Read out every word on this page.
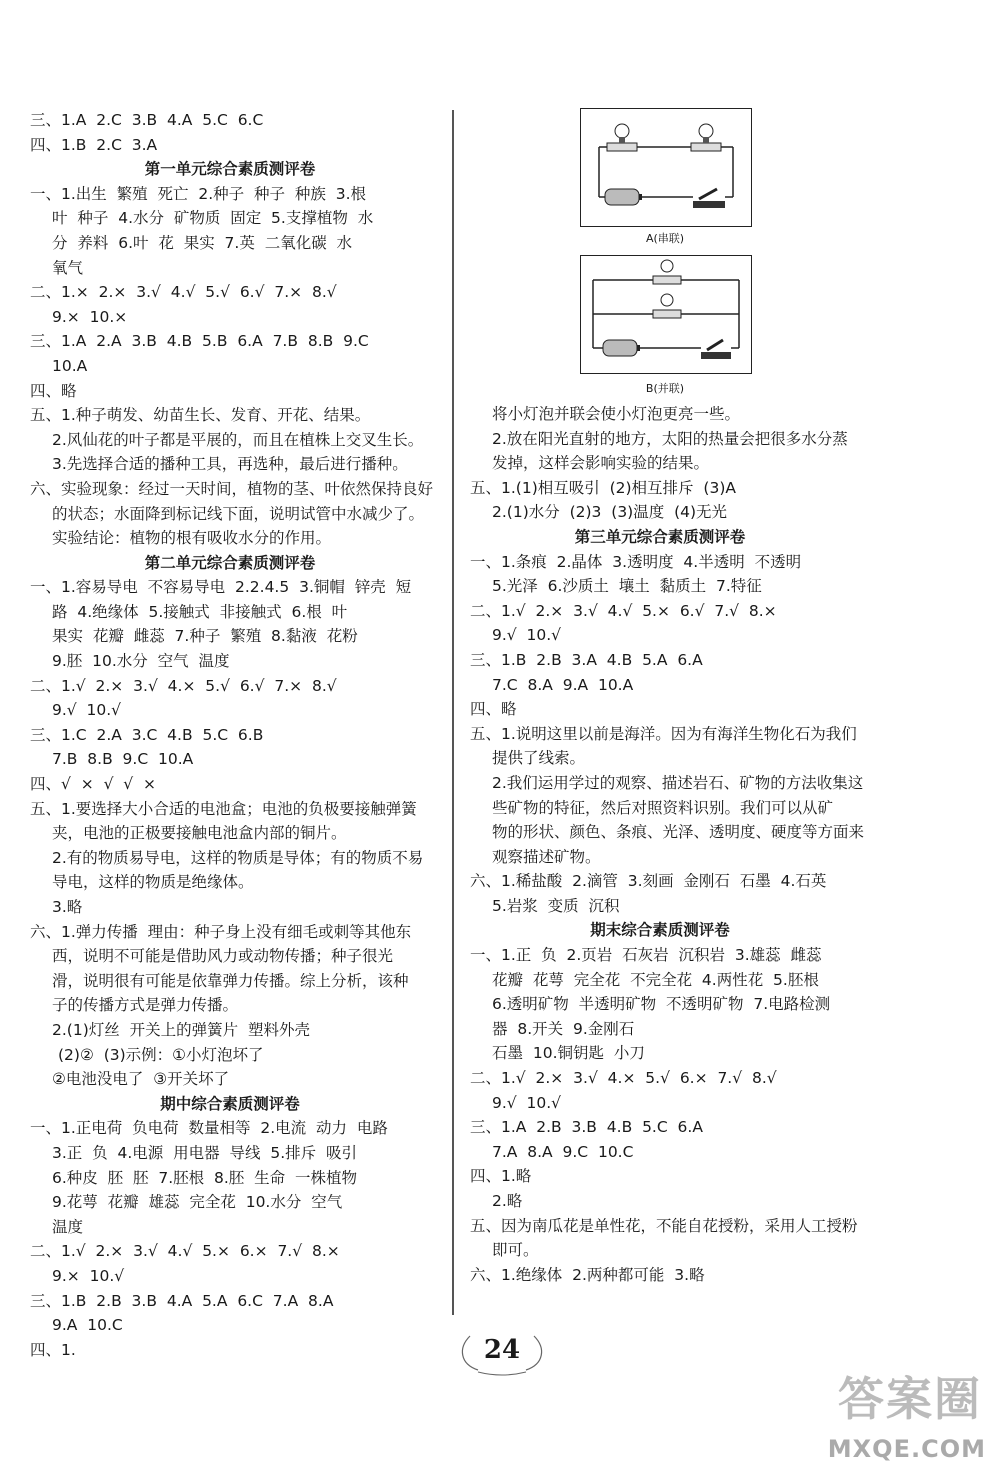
三、1.A  2.C  3.B  4.A  5.C  6.C
四、1.B  2.C  3.A
第一单元综合素质测评卷
一、1.出生  繁殖  死亡  2.种子  种子  种族  3.根
叶  种子  4.水分  矿物质  固定  5.支撑植物  水
分  养料  6.叶  花  果实  7.英  二氧化碳  水
氧气
二、1.×  2.×  3.√  4.√  5.√  6.√  7.×  8.√
9.×  10.×
三、1.A  2.A  3.B  4.B  5.B  6.A  7.B  8.B  9.C
10.A
四、略
五、1.种子萌发、幼苗生长、发育、开花、结果。
2.风仙花的叶子都是平展的，而且在植株上交叉生长。
3.先选择合适的播种工具，再选种，最后进行播种。
六、实验现象：经过一天时间，植物的茎、叶依然保持良好
的状态；水面降到标记线下面，说明试管中水减少了。
实验结论：植物的根有吸收水分的作用。
第二单元综合素质测评卷
一、1.容易导电  不容易导电  2.2.4.5  3.铜帽  锌壳  短
路  4.绝缘体  5.接触式  非接触式  6.根  叶
果实  花瓣  雌蕊  7.种子  繁殖  8.黏液  花粉
9.胚  10.水分  空气  温度
二、1.√  2.×  3.√  4.×  5.√  6.√  7.×  8.√
9.√  10.√
三、1.C  2.A  3.C  4.B  5.C  6.B
7.B  8.B  9.C  10.A
四、√  ×  √  √  ×
五、1.要选择大小合适的电池盒；电池的负极要接触弹簧
夹，电池的正极要接触电池盒内部的铜片。
2.有的物质易导电，这样的物质是导体；有的物质不易
导电，这样的物质是绝缘体。
3.略
六、1.弹力传播  理由：种子身上没有细毛或刺等其他东
西，说明不可能是借助风力或动物传播；种子很光
滑，说明很有可能是依靠弹力传播。综上分析，该种
子的传播方式是弹力传播。
2.(1)灯丝  开关上的弹簧片  塑料外壳
(2)②  (3)示例：①小灯泡坏了
②电池没电了  ③开关坏了
期中综合素质测评卷
一、1.正电荷  负电荷  数量相等  2.电流  动力  电路
3.正  负  4.电源  用电器  导线  5.排斥  吸引
6.种皮  胚  胚  7.胚根  8.胚  生命  一株植物
9.花萼  花瓣  雄蕊  完全花  10.水分  空气
温度
二、1.√  2.×  3.√  4.√  5.×  6.×  7.√  8.×
9.×  10.√
三、1.B  2.B  3.B  4.A  5.A  6.C  7.A  8.A
9.A  10.C
四、1.
A(串联)
B(并联)
将小灯泡并联会使小灯泡更亮一些。
2.放在阳光直射的地方，太阳的热量会把很多水分蒸
发掉，这样会影响实验的结果。
五、1.(1)相互吸引  (2)相互排斥  (3)A
2.(1)水分  (2)3  (3)温度  (4)无光
第三单元综合素质测评卷
一、1.条痕  2.晶体  3.透明度  4.半透明  不透明
5.光泽  6.沙质土  壤土  黏质土  7.特征
二、1.√  2.×  3.√  4.√  5.×  6.√  7.√  8.×
9.√  10.√
三、1.B  2.B  3.A  4.B  5.A  6.A
7.C  8.A  9.A  10.A
四、略
五、1.说明这里以前是海洋。因为有海洋生物化石为我们
提供了线索。
2.我们运用学过的观察、描述岩石、矿物的方法收集这
些矿物的特征，然后对照资料识别。我们可以从矿
物的形状、颜色、条痕、光泽、透明度、硬度等方面来
观察描述矿物。
六、1.稀盐酸  2.滴管  3.刻画  金刚石  石墨  4.石英
5.岩浆  变质  沉积
期末综合素质测评卷
一、1.正  负  2.页岩  石灰岩  沉积岩  3.雄蕊  雌蕊
花瓣  花萼  完全花  不完全花  4.两性花  5.胚根
6.透明矿物  半透明矿物  不透明矿物  7.电路检测
器  8.开关  9.金刚石
石墨  10.铜钥匙  小刀
二、1.√  2.×  3.√  4.×  5.√  6.×  7.√  8.√
9.√  10.√
三、1.A  2.B  3.B  4.B  5.C  6.A
7.A  8.A  9.C  10.C
四、1.略
2.略
五、因为南瓜花是单性花，不能自花授粉，采用人工授粉
即可。
六、1.绝缘体  2.两种都可能  3.略
24
答案圈
MXQE.COM
